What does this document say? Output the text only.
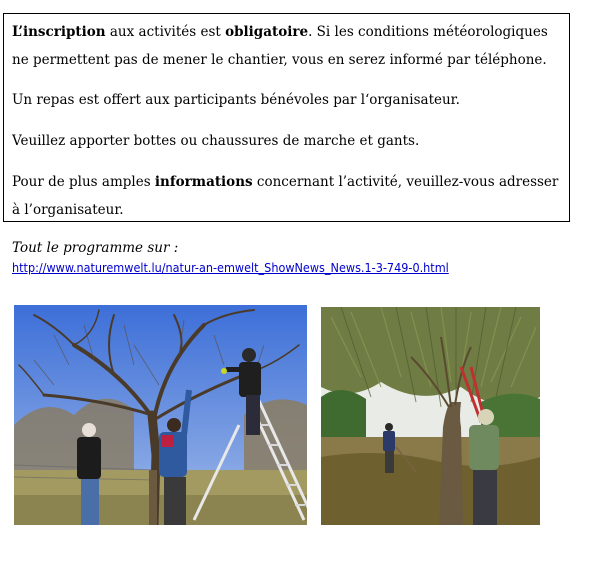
L’inscription aux activités est obligatoire. Si les conditions météorologiques ne permettent pas de mener le chantier, vous en serez informé par téléphone.

Un repas est offert aux participants bénévoles par l‘organisateur.

Veuillez apporter bottes ou chaussures de marche et gants.

Pour de plus amples informations concernant l’activité, veuillez-vous adresser à l’organisateur.

Tout le programme sur :
http://www.naturemwelt.lu/natur-an-emwelt_ShowNews_News.1-3-749-0.html
